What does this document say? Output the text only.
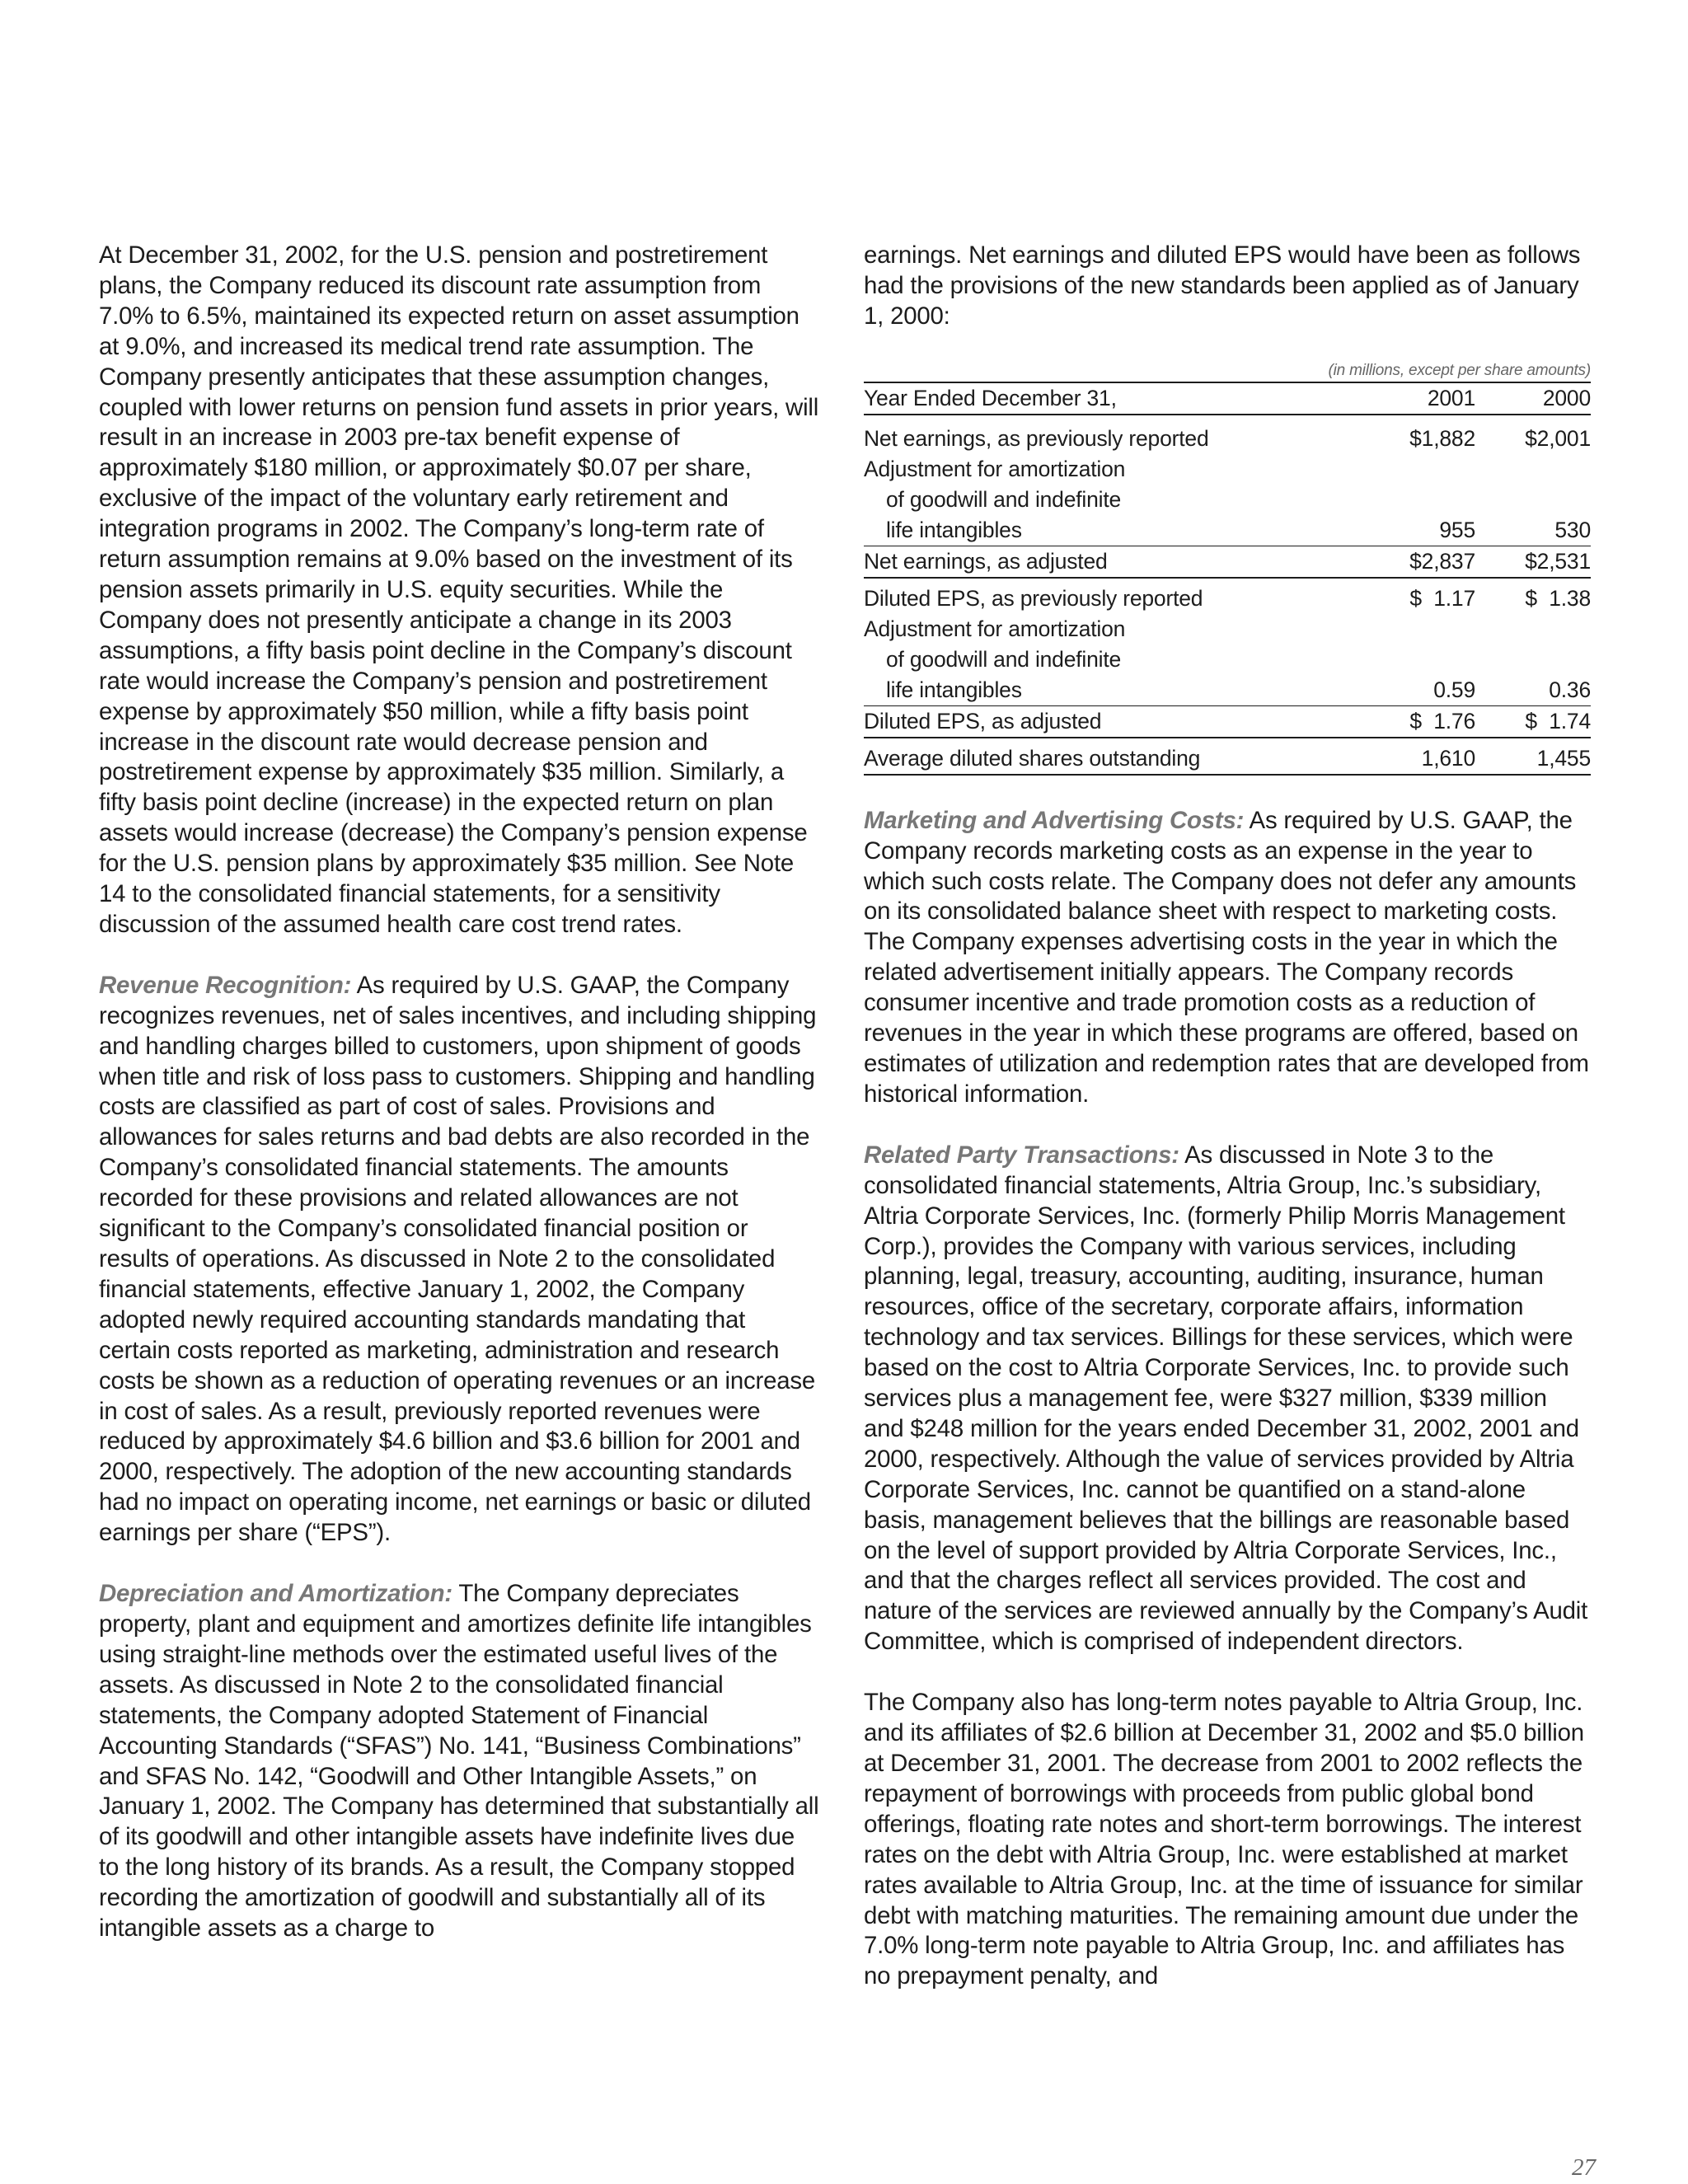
At December 31, 2002, for the U.S. pension and postretirement plans, the Company reduced its discount rate assumption from 7.0% to 6.5%, maintained its expected return on asset assumption at 9.0%, and increased its medical trend rate assumption. The Company presently anticipates that these assumption changes, coupled with lower returns on pension fund assets in prior years, will result in an increase in 2003 pre-tax benefit expense of approximately $180 million, or approximately $0.07 per share, exclusive of the impact of the voluntary early retirement and integration programs in 2002. The Company’s long-term rate of return assumption remains at 9.0% based on the investment of its pension assets primarily in U.S. equity securities. While the Company does not presently anticipate a change in its 2003 assumptions, a fifty basis point decline in the Company’s discount rate would increase the Company’s pension and postretirement expense by approximately $50 million, while a fifty basis point increase in the discount rate would decrease pension and postretirement expense by approximately $35 million. Similarly, a fifty basis point decline (increase) in the expected return on plan assets would increase (decrease) the Company’s pension expense for the U.S. pension plans by approximately $35 million. See Note 14 to the consolidated financial statements, for a sensitivity discussion of the assumed health care cost trend rates.

Revenue Recognition: As required by U.S. GAAP, the Company recognizes revenues, net of sales incentives, and including shipping and handling charges billed to customers, upon shipment of goods when title and risk of loss pass to customers. Shipping and handling costs are classified as part of cost of sales. Provisions and allowances for sales returns and bad debts are also recorded in the Company’s consolidated financial statements. The amounts recorded for these provisions and related allowances are not significant to the Company’s consolidated financial position or results of operations. As discussed in Note 2 to the consolidated financial statements, effective January 1, 2002, the Company adopted newly required accounting standards mandating that certain costs reported as marketing, administration and research costs be shown as a reduction of operating revenues or an increase in cost of sales. As a result, previously reported revenues were reduced by approximately $4.6 billion and $3.6 billion for 2001 and 2000, respectively. The adoption of the new accounting standards had no impact on operating income, net earnings or basic or diluted earnings per share (“EPS”).

Depreciation and Amortization: The Company depreciates property, plant and equipment and amortizes definite life intangibles using straight-line methods over the estimated useful lives of the assets. As discussed in Note 2 to the consolidated financial statements, the Company adopted Statement of Financial Accounting Standards (“SFAS”) No. 141, “Business Combinations” and SFAS No. 142, “Goodwill and Other Intangible Assets,” on January 1, 2002. The Company has determined that substantially all of its goodwill and other intangible assets have indefinite lives due to the long history of its brands. As a result, the Company stopped recording the amortization of goodwill and substantially all of its intangible assets as a charge to

earnings. Net earnings and diluted EPS would have been as follows had the provisions of the new standards been applied as of January 1, 2000:

(in millions, except per share amounts)
Year Ended December 31,	2001	2000
Net earnings, as previously reported	$1,882	$2,001
Adjustment for amortization
of goodwill and indefinite
life intangibles	955	530
Net earnings, as adjusted	$2,837	$2,531
Diluted EPS, as previously reported	$  1.17	$  1.38
Adjustment for amortization
of goodwill and indefinite
life intangibles	0.59	0.36
Diluted EPS, as adjusted	$  1.76	$  1.74
Average diluted shares outstanding	1,610	1,455

Marketing and Advertising Costs: As required by U.S. GAAP, the Company records marketing costs as an expense in the year to which such costs relate. The Company does not defer any amounts on its consolidated balance sheet with respect to marketing costs. The Company expenses advertising costs in the year in which the related advertisement initially appears. The Company records consumer incentive and trade promotion costs as a reduction of revenues in the year in which these programs are offered, based on estimates of utilization and redemption rates that are developed from historical information.

Related Party Transactions: As discussed in Note 3 to the consolidated financial statements, Altria Group, Inc.’s subsidiary, Altria Corporate Services, Inc. (formerly Philip Morris Management Corp.), provides the Company with various services, including planning, legal, treasury, accounting, auditing, insurance, human resources, office of the secretary, corporate affairs, information technology and tax services. Billings for these services, which were based on the cost to Altria Corporate Services, Inc. to provide such services plus a management fee, were $327 million, $339 million and $248 million for the years ended December 31, 2002, 2001 and 2000, respectively. Although the value of services provided by Altria Corporate Services, Inc. cannot be quantified on a stand-alone basis, management believes that the billings are reasonable based on the level of support provided by Altria Corporate Services, Inc., and that the charges reflect all services provided. The cost and nature of the services are reviewed annually by the Company’s Audit Committee, which is comprised of independent directors.

The Company also has long-term notes payable to Altria Group, Inc. and its affiliates of $2.6 billion at December 31, 2002 and $5.0 billion at December 31, 2001. The decrease from 2001 to 2002 reflects the repayment of borrowings with proceeds from public global bond offerings, floating rate notes and short-term borrowings. The interest rates on the debt with Altria Group, Inc. were established at market rates available to Altria Group, Inc. at the time of issuance for similar debt with matching maturities. The remaining amount due under the 7.0% long-term note payable to Altria Group, Inc. and affiliates has no prepayment penalty, and

27
